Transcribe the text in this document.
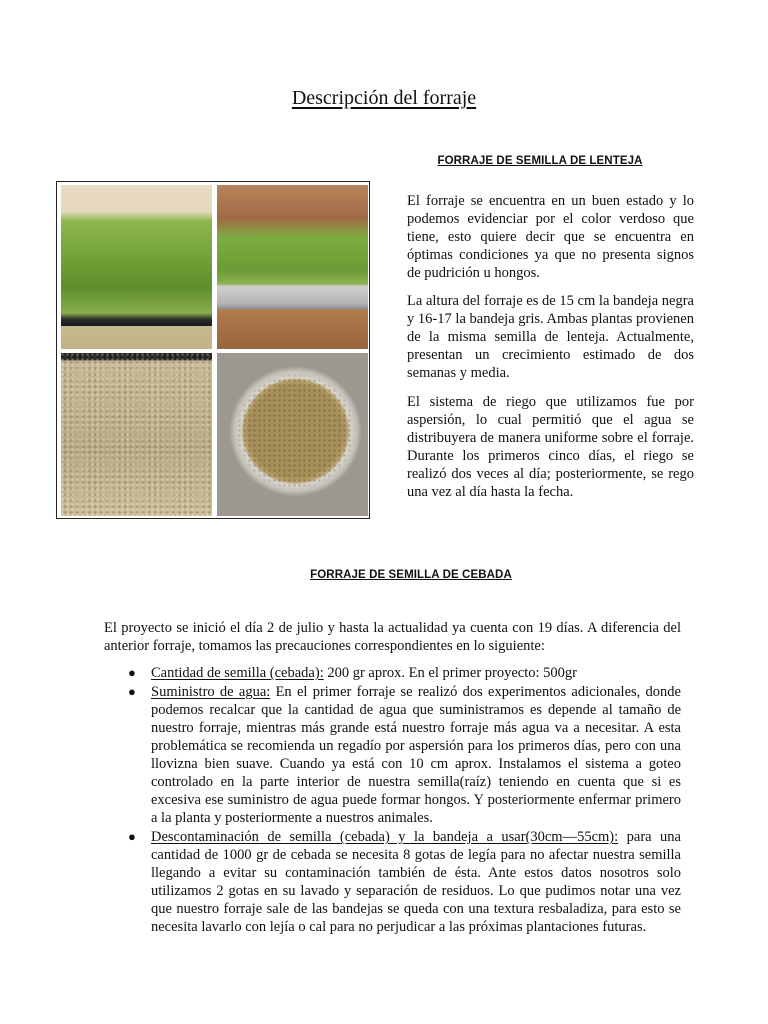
Descripción del forraje
FORRAJE DE SEMILLA DE LENTEJA

El forraje se encuentra en un buen estado y lo podemos evidenciar por el color verdoso que tiene, esto quiere decir que se encuentra en óptimas condiciones ya que no presenta signos de pudrición u hongos.

La altura del forraje es de 15 cm la bandeja negra y 16-17 la bandeja gris. Ambas plantas provienen de la misma semilla de lenteja. Actualmente, presentan un crecimiento estimado de dos semanas y media.

El sistema de riego que utilizamos fue por aspersión, lo cual permitió que el agua se distribuyera de manera uniforme sobre el forraje. Durante los primeros cinco días, el riego se realizó dos veces al día; posteriormente, se rego una vez al día hasta la fecha.

FORRAJE DE SEMILLA DE CEBADA

El proyecto se inició el día 2 de julio y hasta la actualidad ya cuenta con 19 días. A diferencia del anterior forraje, tomamos las precauciones correspondientes en lo siguiente:

● Cantidad de semilla (cebada): 200 gr aprox. En el primer proyecto: 500gr
● Suministro de agua: En el primer forraje se realizó dos experimentos adicionales, donde podemos recalcar que la cantidad de agua que suministramos es depende al tamaño de nuestro forraje, mientras más grande está nuestro forraje más agua va a necesitar. A esta problemática se recomienda un regadío por aspersión para los primeros días, pero con una llovizna bien suave. Cuando ya está con 10 cm aprox. Instalamos el sistema a goteo controlado en la parte interior de nuestra semilla(raíz) teniendo en cuenta que si es excesiva ese suministro de agua puede formar hongos. Y posteriormente enfermar primero a la planta y posteriormente a nuestros animales.
● Descontaminación de semilla (cebada) y la bandeja a usar(30cm—55cm): para una cantidad de 1000 gr de cebada se necesita 8 gotas de legía para no afectar nuestra semilla llegando a evitar su contaminación también de ésta. Ante estos datos nosotros solo utilizamos 2 gotas en su lavado y separación de residuos. Lo que pudimos notar una vez que nuestro forraje sale de las bandejas se queda con una textura resbaladiza, para esto se necesita lavarlo con lejía o cal para no perjudicar a las próximas plantaciones futuras.
